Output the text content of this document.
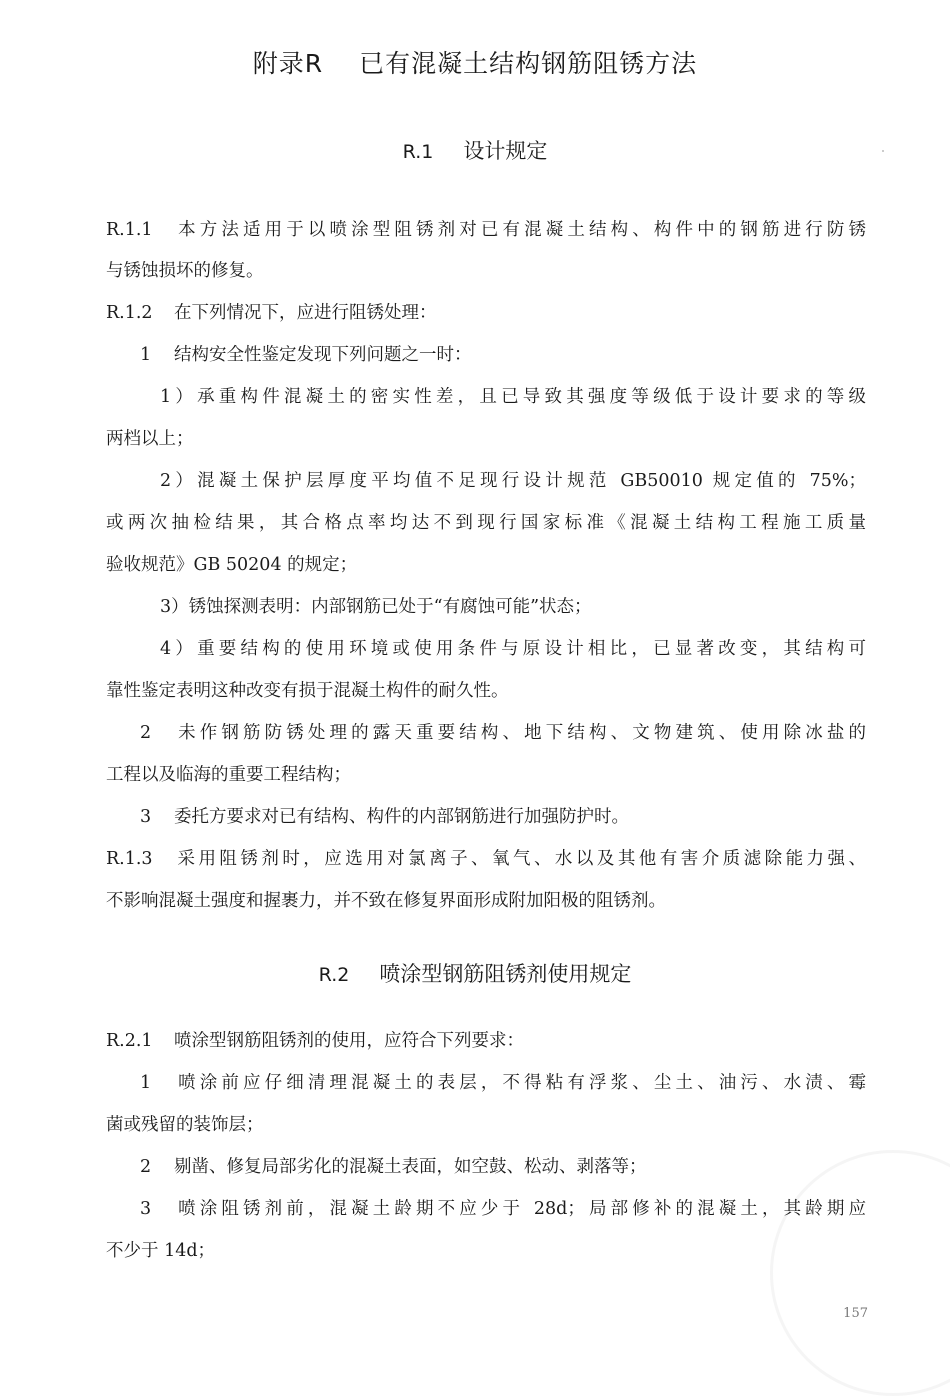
附录R 已有混凝土结构钢筋阻锈方法
R.1 设计规定
R.1.1 本方法适用于以喷涂型阻锈剂对已有混凝土结构、构件中的钢筋进行防锈
与锈蚀损坏的修复。
R.1.2 在下列情况下，应进行阻锈处理：
1 结构安全性鉴定发现下列问题之一时：
1）承重构件混凝土的密实性差，且已导致其强度等级低于设计要求的等级
两档以上；
2）混凝土保护层厚度平均值不足现行设计规范 GB50010 规定值的 75%；
或两次抽检结果，其合格点率均达不到现行国家标准《混凝土结构工程施工质量
验收规范》GB 50204 的规定；
3）锈蚀探测表明：内部钢筋已处于“有腐蚀可能”状态；
4）重要结构的使用环境或使用条件与原设计相比，已显著改变，其结构可
靠性鉴定表明这种改变有损于混凝土构件的耐久性。
2 未作钢筋防锈处理的露天重要结构、地下结构、文物建筑、使用除冰盐的
工程以及临海的重要工程结构；
3 委托方要求对已有结构、构件的内部钢筋进行加强防护时。
R.1.3 采用阻锈剂时，应选用对氯离子、氧气、水以及其他有害介质滤除能力强、
不影响混凝土强度和握裹力，并不致在修复界面形成附加阳极的阻锈剂。
R.2 喷涂型钢筋阻锈剂使用规定
R.2.1 喷涂型钢筋阻锈剂的使用，应符合下列要求：
1 喷涂前应仔细清理混凝土的表层，不得粘有浮浆、尘土、油污、水渍、霉
菌或残留的装饰层；
2 剔凿、修复局部劣化的混凝土表面，如空鼓、松动、剥落等；
3 喷涂阻锈剂前，混凝土龄期不应少于 28d；局部修补的混凝土，其龄期应
不少于 14d；
157
